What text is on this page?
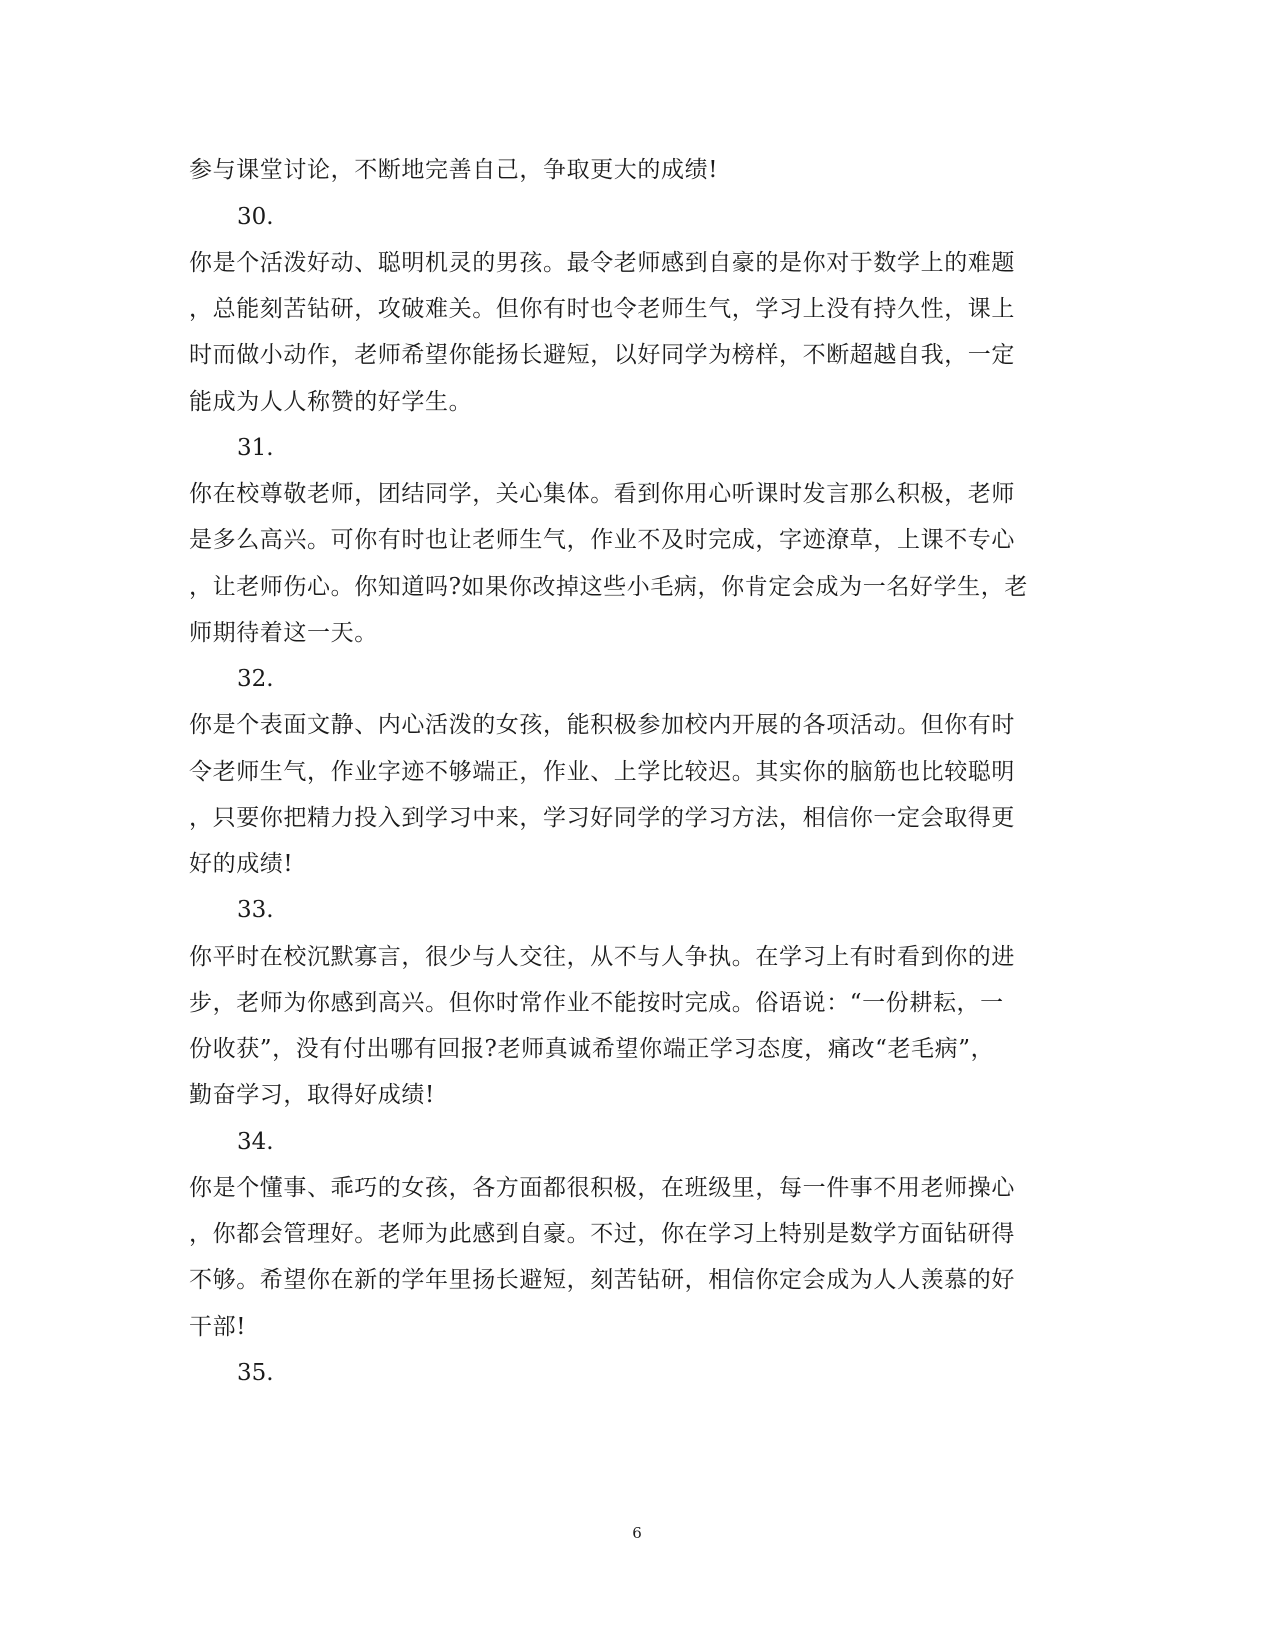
参与课堂讨论，不断地完善自己，争取更大的成绩!
30.
你是个活泼好动、聪明机灵的男孩。最令老师感到自豪的是你对于数学上的难题
，总能刻苦钻研，攻破难关。但你有时也令老师生气，学习上没有持久性，课上
时而做小动作，老师希望你能扬长避短，以好同学为榜样，不断超越自我，一定
能成为人人称赞的好学生。
31.
你在校尊敬老师，团结同学，关心集体。看到你用心听课时发言那么积极，老师
是多么高兴。可你有时也让老师生气，作业不及时完成，字迹潦草，上课不专心
，让老师伤心。你知道吗?如果你改掉这些小毛病，你肯定会成为一名好学生，老
师期待着这一天。
32.
你是个表面文静、内心活泼的女孩，能积极参加校内开展的各项活动。但你有时
令老师生气，作业字迹不够端正，作业、上学比较迟。其实你的脑筋也比较聪明
，只要你把精力投入到学习中来，学习好同学的学习方法，相信你一定会取得更
好的成绩!
33.
你平时在校沉默寡言，很少与人交往，从不与人争执。在学习上有时看到你的进
步，老师为你感到高兴。但你时常作业不能按时完成。俗语说：“一份耕耘，一
份收获”，没有付出哪有回报?老师真诚希望你端正学习态度，痛改“老毛病”，
勤奋学习，取得好成绩!
34.
你是个懂事、乖巧的女孩，各方面都很积极，在班级里，每一件事不用老师操心
，你都会管理好。老师为此感到自豪。不过，你在学习上特别是数学方面钻研得
不够。希望你在新的学年里扬长避短，刻苦钻研，相信你定会成为人人羡慕的好
干部!
35.
6
